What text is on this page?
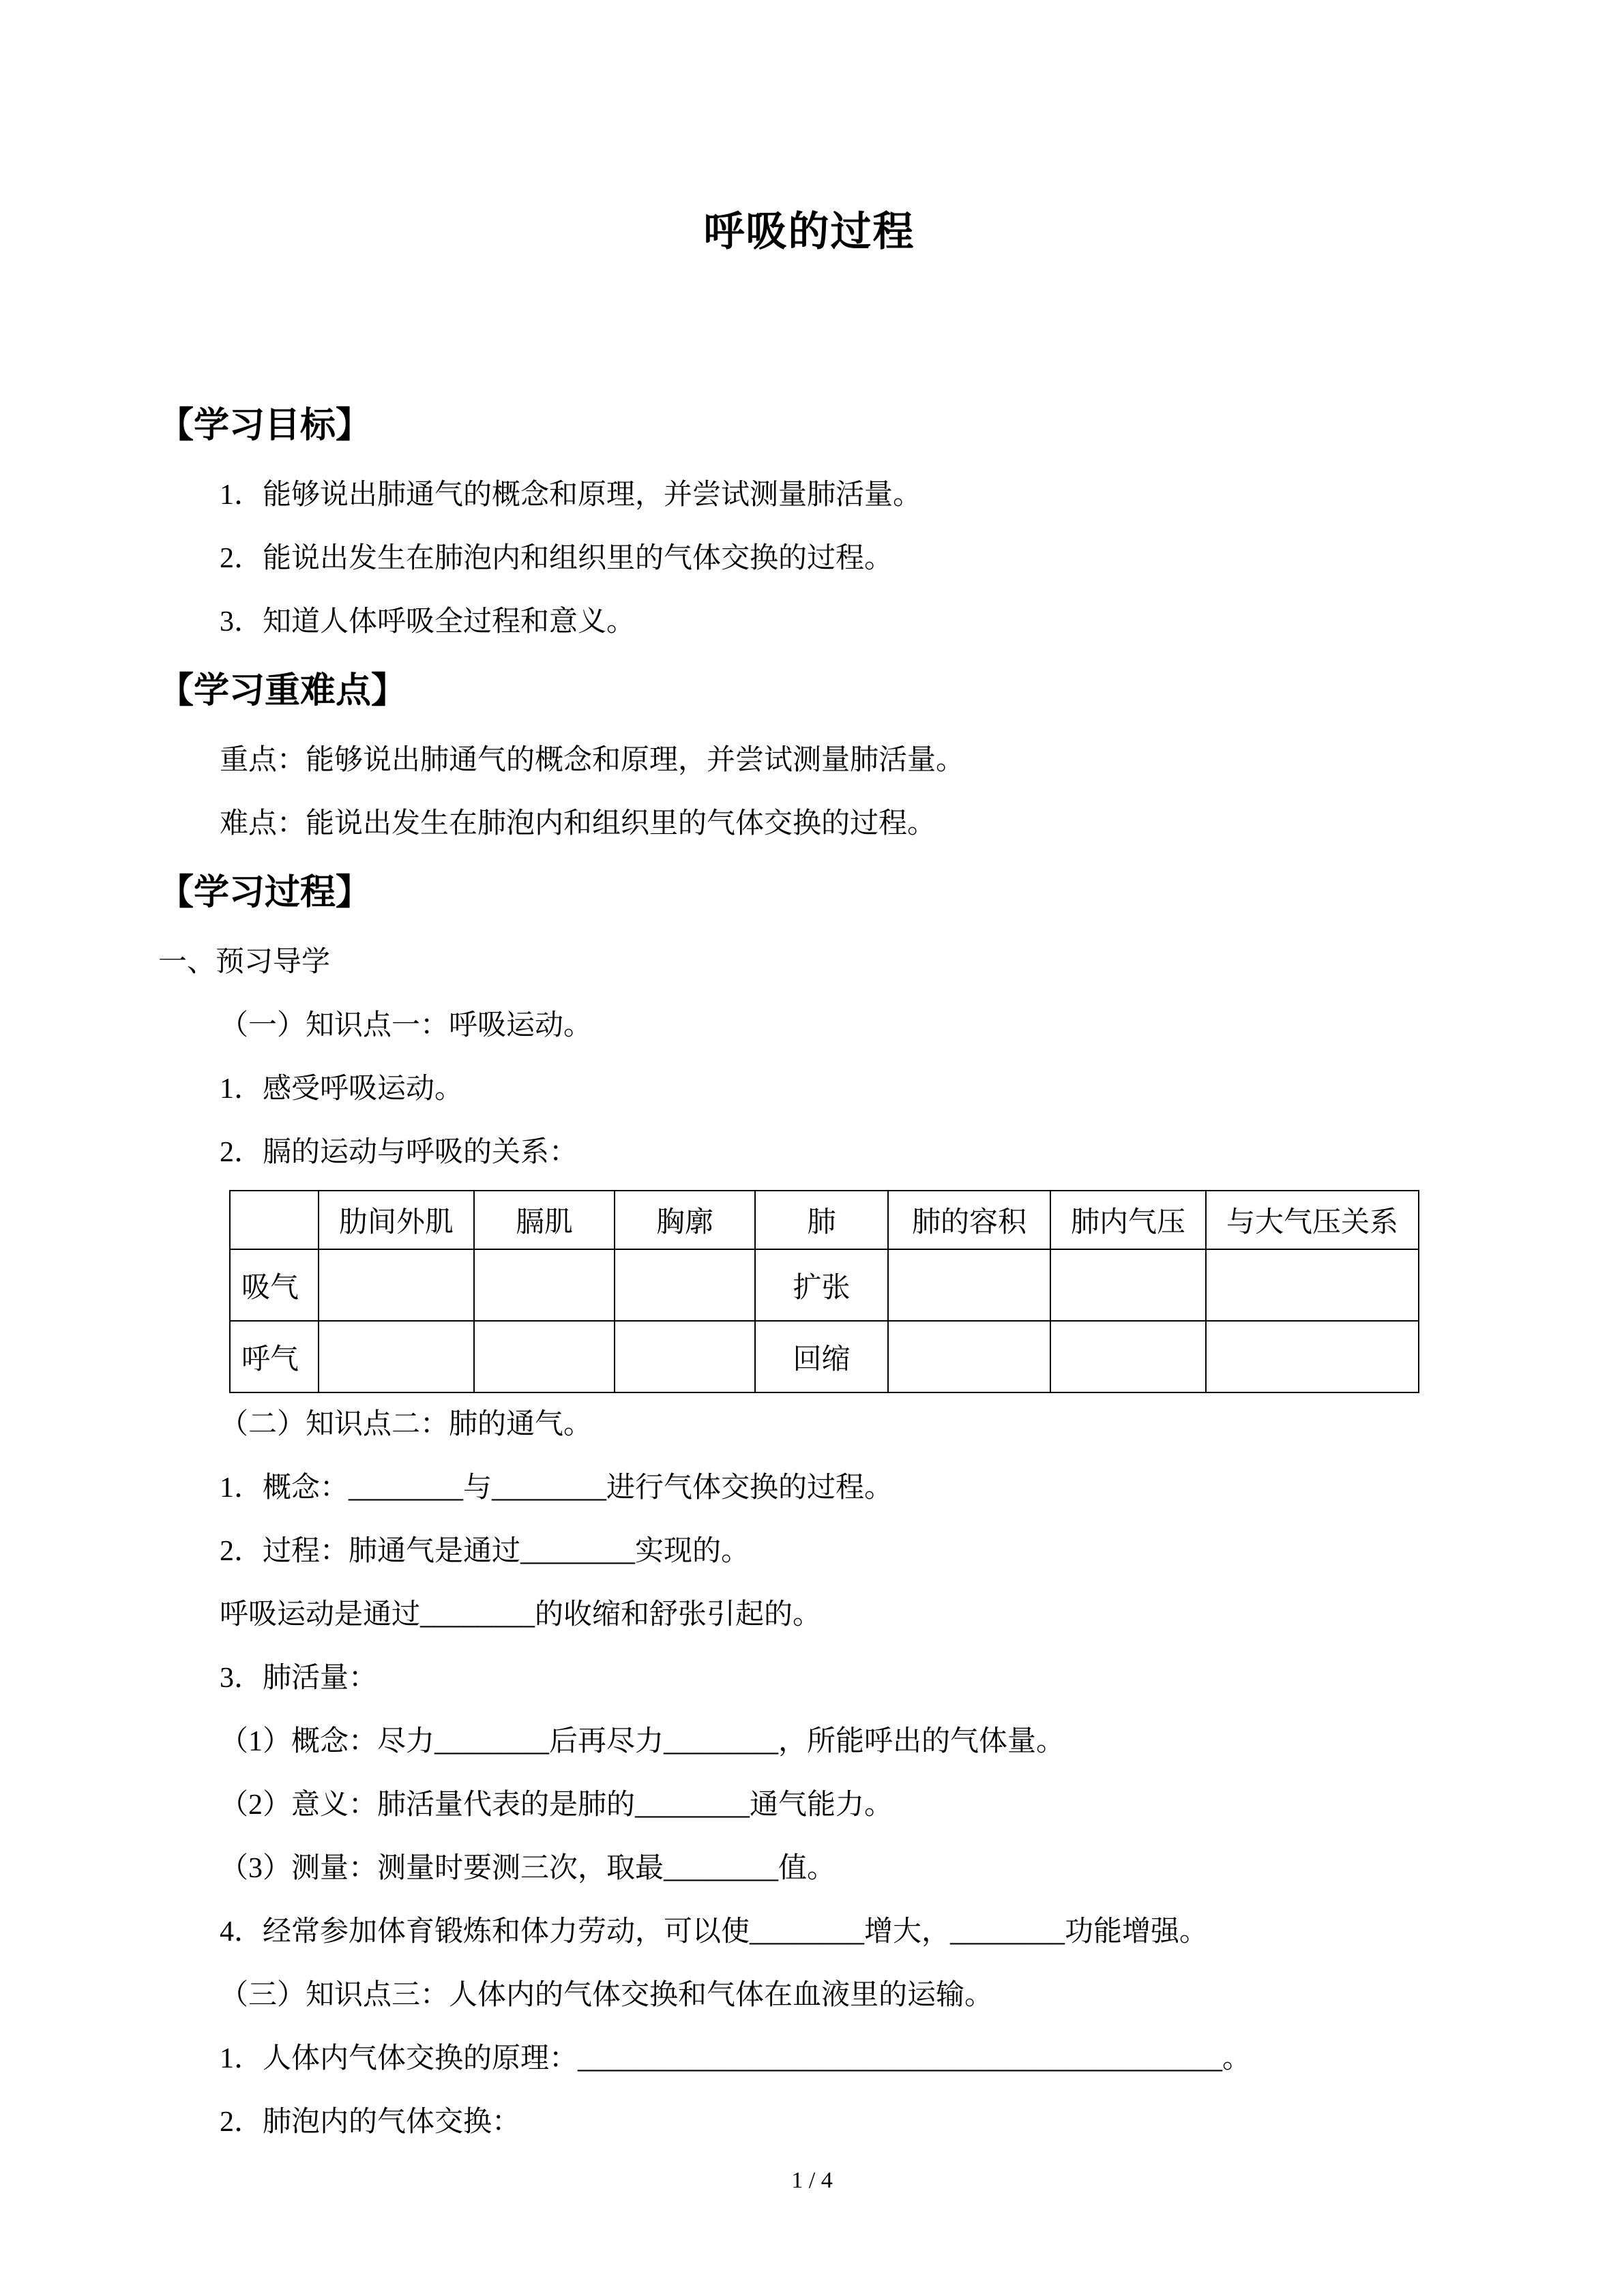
呼吸的过程
【学习目标】

1．能够说出肺通气的概念和原理，并尝试测量肺活量。

2．能说出发生在肺泡内和组织里的气体交换的过程。

3．知道人体呼吸全过程和意义。

【学习重难点】

重点：能够说出肺通气的概念和原理，并尝试测量肺活量。

难点：能说出发生在肺泡内和组织里的气体交换的过程。

【学习过程】

一、预习导学

（一）知识点一：呼吸运动。

1．感受呼吸运动。

2．膈的运动与呼吸的关系：

	肋间外肌	膈肌	胸廓	肺	肺的容积	肺内气压	与大气压关系
吸气				扩张			
呼气				回缩			

（二）知识点二：肺的通气。

1．概念：________与________进行气体交换的过程。

2．过程：肺通气是通过________实现的。

呼吸运动是通过________的收缩和舒张引起的。

3．肺活量：

（1）概念：尽力________后再尽力________，所能呼出的气体量。

（2）意义：肺活量代表的是肺的________通气能力。

（3）测量：测量时要测三次，取最________值。

4．经常参加体育锻炼和体力劳动，可以使________增大，________功能增强。

（三）知识点三：人体内的气体交换和气体在血液里的运输。

1．人体内气体交换的原理：_____________________________________________。

2．肺泡内的气体交换：

1 / 4
